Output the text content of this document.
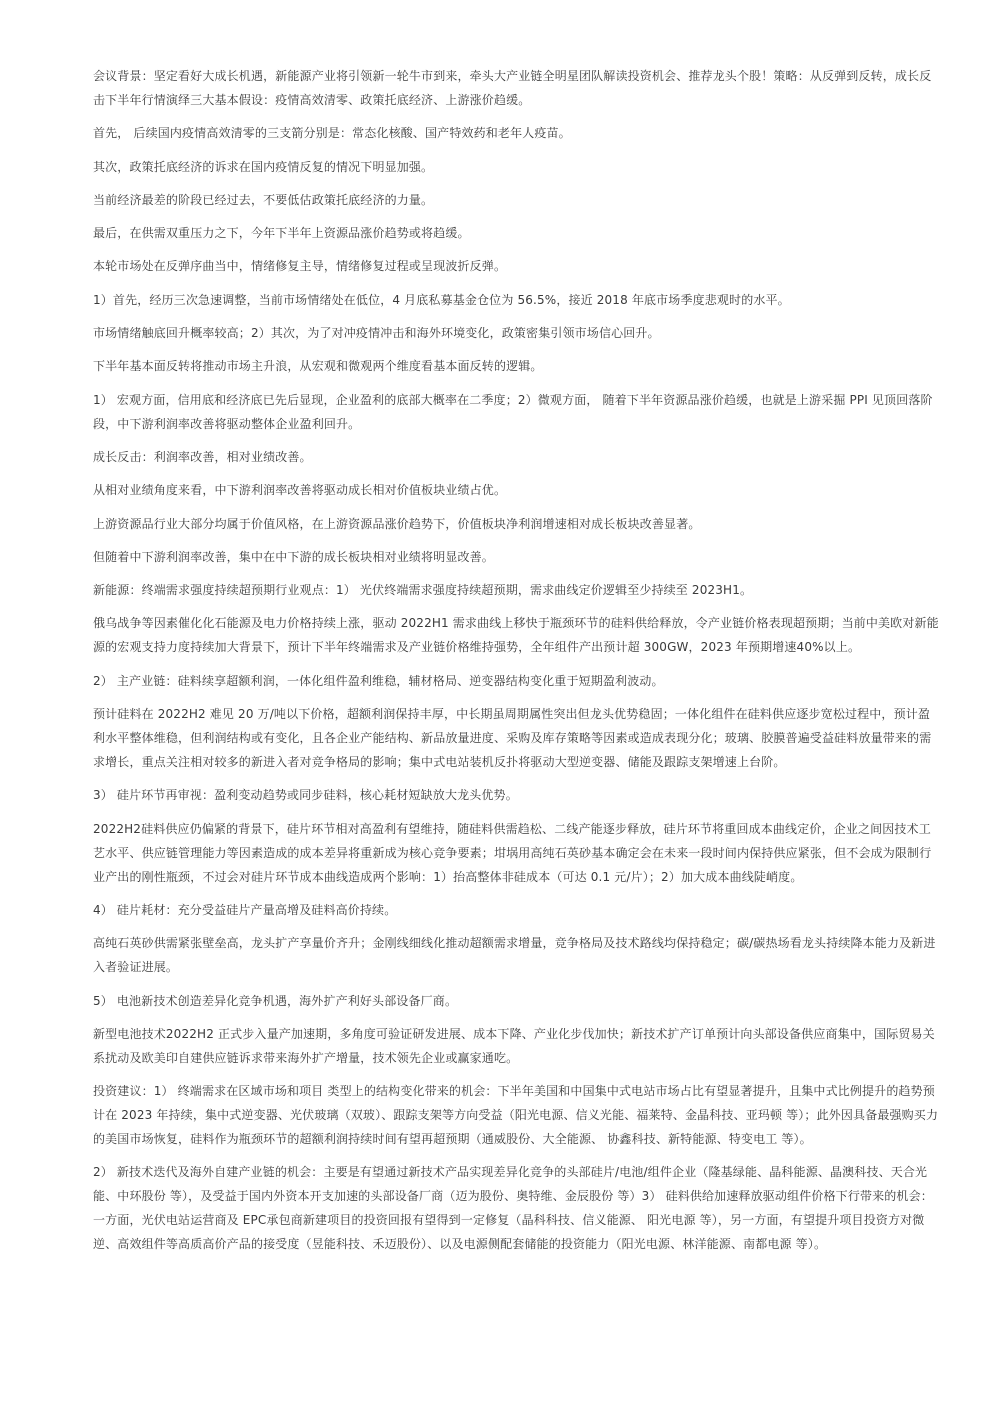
会议背景：坚定看好大成长机遇，新能源产业将引领新一轮牛市到来，牵头大产业链全明星团队解读投资机会、推荐龙头个股！策略：从反弹到反转，成长反击下半年行情演绎三大基本假设：疫情高效清零、政策托底经济、上游涨价趋缓。

首先， 后续国内疫情高效清零的三支箭分别是：常态化核酸、国产特效药和老年人疫苗。

其次，政策托底经济的诉求在国内疫情反复的情况下明显加强。

当前经济最差的阶段已经过去，不要低估政策托底经济的力量。

最后，在供需双重压力之下，今年下半年上资源品涨价趋势或将趋缓。

本轮市场处在反弹序曲当中，情绪修复主导，情绪修复过程或呈现波折反弹。

1）首先，经历三次急速调整，当前市场情绪处在低位，4 月底私募基金仓位为 56.5%，接近 2018 年底市场季度悲观时的水平。

市场情绪触底回升概率较高；2）其次，为了对冲疫情冲击和海外环境变化，政策密集引领市场信心回升。

下半年基本面反转将推动市场主升浪，从宏观和微观两个维度看基本面反转的逻辑。

1） 宏观方面，信用底和经济底已先后显现，企业盈利的底部大概率在二季度；2）微观方面， 随着下半年资源品涨价趋缓，也就是上游采掘 PPI 见顶回落阶段，中下游利润率改善将驱动整体企业盈利回升。

成长反击：利润率改善，相对业绩改善。

从相对业绩角度来看，中下游利润率改善将驱动成长相对价值板块业绩占优。

上游资源品行业大部分均属于价值风格，在上游资源品涨价趋势下，价值板块净利润增速相对成长板块改善显著。

但随着中下游利润率改善，集中在中下游的成长板块相对业绩将明显改善。

新能源：终端需求强度持续超预期行业观点：1） 光伏终端需求强度持续超预期，需求曲线定价逻辑至少持续至 2023H1。

俄乌战争等因素催化化石能源及电力价格持续上涨，驱动 2022H1 需求曲线上移快于瓶颈环节的硅料供给释放，令产业链价格表现超预期；当前中美欧对新能源的宏观支持力度持续加大背景下，预计下半年终端需求及产业链价格维持强势，全年组件产出预计超 300GW，2023 年预期增速40%以上。

2） 主产业链：硅料续享超额利润，一体化组件盈利维稳，辅材格局、逆变器结构变化重于短期盈利波动。

预计硅料在 2022H2 难见 20 万/吨以下价格，超额利润保持丰厚，中长期虽周期属性突出但龙头优势稳固；一体化组件在硅料供应逐步宽松过程中，预计盈利水平整体维稳，但利润结构或有变化，且各企业产能结构、新品放量进度、采购及库存策略等因素或造成表现分化；玻璃、胶膜普遍受益硅料放量带来的需求增长，重点关注相对较多的新进入者对竞争格局的影响；集中式电站装机反扑将驱动大型逆变器、储能及跟踪支架增速上台阶。

3） 硅片环节再审视：盈利变动趋势或同步硅料，核心耗材短缺放大龙头优势。

2022H2硅料供应仍偏紧的背景下，硅片环节相对高盈利有望维持，随硅料供需趋松、二线产能逐步释放，硅片环节将重回成本曲线定价，企业之间因技术工艺水平、供应链管理能力等因素造成的成本差异将重新成为核心竞争要素；坩埚用高纯石英砂基本确定会在未来一段时间内保持供应紧张，但不会成为限制行业产出的刚性瓶颈，不过会对硅片环节成本曲线造成两个影响：1）抬高整体非硅成本（可达 0.1 元/片）；2）加大成本曲线陡峭度。

4） 硅片耗材：充分受益硅片产量高增及硅料高价持续。

高纯石英砂供需紧张壁垒高，龙头扩产享量价齐升；金刚线细线化推动超额需求增量，竞争格局及技术路线均保持稳定；碳/碳热场看龙头持续降本能力及新进入者验证进展。

5） 电池新技术创造差异化竞争机遇，海外扩产利好头部设备厂商。

新型电池技术2022H2 正式步入量产加速期，多角度可验证研发进展、成本下降、产业化步伐加快；新技术扩产订单预计向头部设备供应商集中，国际贸易关系扰动及欧美印自建供应链诉求带来海外扩产增量，技术领先企业或赢家通吃。

投资建议：1） 终端需求在区域市场和项目 类型上的结构变化带来的机会：下半年美国和中国集中式电站市场占比有望显著提升，且集中式比例提升的趋势预计在 2023 年持续，集中式逆变器、光伏玻璃（双玻）、跟踪支架等方向受益（阳光电源、信义光能、福莱特、金晶科技、亚玛顿 等）；此外因具备最强购买力的美国市场恢复，硅料作为瓶颈环节的超额利润持续时间有望再超预期（通威股份、大全能源、 协鑫科技、新特能源、特变电工 等）。

2） 新技术迭代及海外自建产业链的机会：主要是有望通过新技术产品实现差异化竞争的头部硅片/电池/组件企业（隆基绿能、晶科能源、晶澳科技、天合光能、中环股份 等），及受益于国内外资本开支加速的头部设备厂商（迈为股份、奥特维、金辰股份 等）3） 硅料供给加速释放驱动组件价格下行带来的机会：一方面，光伏电站运营商及 EPC承包商新建项目的投资回报有望得到一定修复（晶科科技、信义能源、 阳光电源 等），另一方面，有望提升项目投资方对微逆、高效组件等高质高价产品的接受度（昱能科技、禾迈股份）、以及电源侧配套储能的投资能力（阳光电源、林洋能源、南都电源 等）。
